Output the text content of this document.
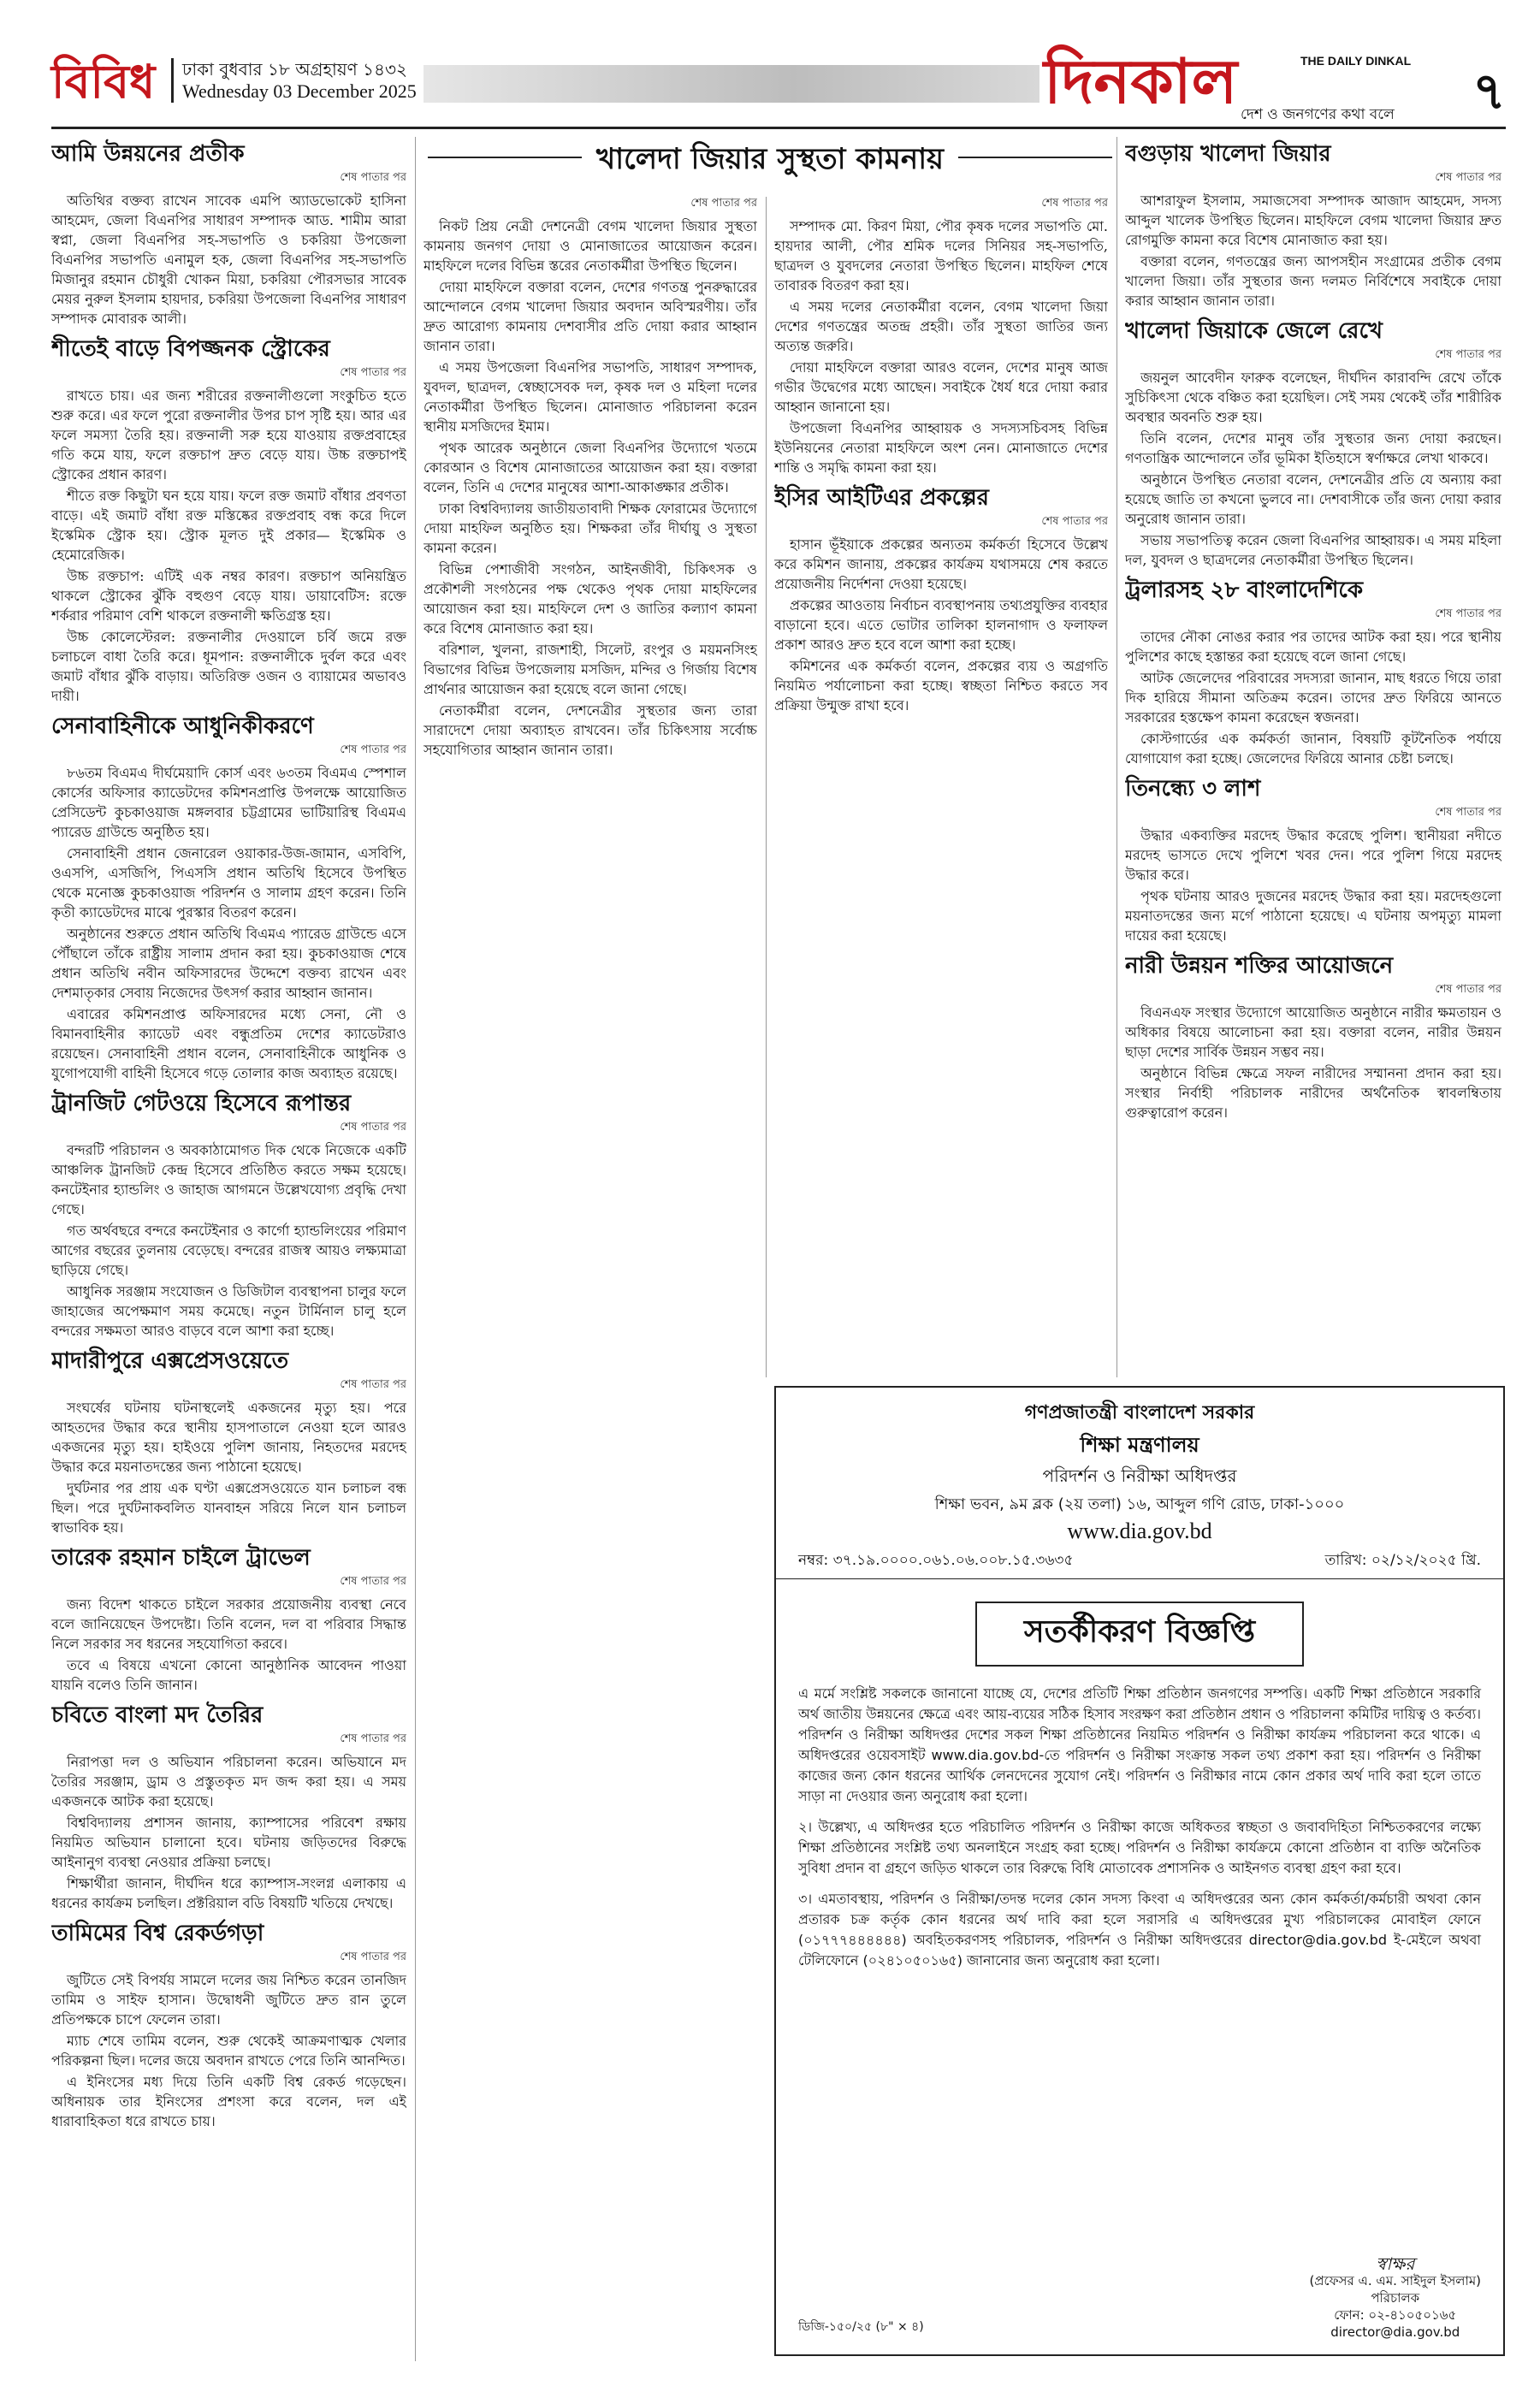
বিবিধ ঢাকা বুধবার ১৮ অগ্রহায়ণ ১৪৩২
Wednesday 03 December 2025	দিনকাল	THE DAILY DINKAL
দেশ ও জনগণের কথা বলে ৭
খালেদা জিয়ার সুস্থতা কামনায়
আমি উন্নয়নের প্রতীক
শেষ পাতার পর

অতিথির বক্তব্য রাখেন সাবেক এমপি অ্যাডভোকেট হাসিনা আহমেদ, জেলা বিএনপির সাধারণ সম্পাদক আড. শামীম আরা স্বপ্না, জেলা বিএনপির সহ-সভাপতি ও চকরিয়া উপজেলা বিএনপির সভাপতি এনামুল হক, জেলা বিএনপির সহ-সভাপতি মিজানুর রহমান চৌধুরী খোকন মিয়া, চকরিয়া পৌরসভার সাবেক মেয়র নুরুল ইসলাম হায়দার, চকরিয়া উপজেলা বিএনপির সাধারণ সম্পাদক মোবারক আলী।

শীতেই বাড়ে বিপজ্জনক স্ট্রোকের
শেষ পাতার পর

রাখতে চায়। এর জন্য শরীরের রক্তনালীগুলো সংকুচিত হতে শুরু করে। এর ফলে পুরো রক্তনালীর উপর চাপ সৃষ্টি হয়। আর এর ফলে সমস্যা তৈরি হয়। রক্তনালী সরু হয়ে যাওয়ায় রক্তপ্রবাহের গতি কমে যায়, ফলে রক্তচাপ দ্রুত বেড়ে যায়। উচ্চ রক্তচাপই স্ট্রোকের প্রধান কারণ।

শীতে রক্ত কিছুটা ঘন হয়ে যায়। ফলে রক্ত জমাট বাঁধার প্রবণতা বাড়ে। এই জমাট বাঁধা রক্ত মস্তিষ্কের রক্তপ্রবাহ বন্ধ করে দিলে ইস্কেমিক স্ট্রোক হয়। স্ট্রোক মূলত দুই প্রকার— ইস্কেমিক ও হেমোরেজিক।

উচ্চ রক্তচাপ: এটিই এক নম্বর কারণ। রক্তচাপ অনিয়ন্ত্রিত থাকলে স্ট্রোকের ঝুঁকি বহুগুণ বেড়ে যায়। ডায়াবেটিস: রক্তে শর্করার পরিমাণ বেশি থাকলে রক্তনালী ক্ষতিগ্রস্ত হয়।

উচ্চ কোলেস্টেরল: রক্তনালীর দেওয়ালে চর্বি জমে রক্ত চলাচলে বাধা তৈরি করে। ধূমপান: রক্তনালীকে দুর্বল করে এবং জমাট বাঁধার ঝুঁকি বাড়ায়। অতিরিক্ত ওজন ও ব্যায়ামের অভাবও দায়ী।

সেনাবাহিনীকে আধুনিকীকরণে
শেষ পাতার পর

৮৬তম বিএমএ দীর্ঘমেয়াদি কোর্স এবং ৬৩তম বিএমএ স্পেশাল কোর্সের অফিসার ক্যাডেটদের কমিশনপ্রাপ্তি উপলক্ষে আয়োজিত প্রেসিডেন্ট কুচকাওয়াজ মঙ্গলবার চট্টগ্রামের ভাটিয়ারিস্থ বিএমএ প্যারেড গ্রাউন্ডে অনুষ্ঠিত হয়।

সেনাবাহিনী প্রধান জেনারেল ওয়াকার-উজ-জামান, এসবিপি, ওএসপি, এসজিপি, পিএসসি প্রধান অতিথি হিসেবে উপস্থিত থেকে মনোজ্ঞ কুচকাওয়াজ পরিদর্শন ও সালাম গ্রহণ করেন। তিনি কৃতী ক্যাডেটদের মাঝে পুরস্কার বিতরণ করেন।

অনুষ্ঠানের শুরুতে প্রধান অতিথি বিএমএ প্যারেড গ্রাউন্ডে এসে পৌঁছালে তাঁকে রাষ্ট্রীয় সালাম প্রদান করা হয়। কুচকাওয়াজ শেষে প্রধান অতিথি নবীন অফিসারদের উদ্দেশে বক্তব্য রাখেন এবং দেশমাতৃকার সেবায় নিজেদের উৎসর্গ করার আহ্বান জানান।

এবারের কমিশনপ্রাপ্ত অফিসারদের মধ্যে সেনা, নৌ ও বিমানবাহিনীর ক্যাডেট এবং বন্ধুপ্রতিম দেশের ক্যাডেটরাও রয়েছেন। সেনাবাহিনী প্রধান বলেন, সেনাবাহিনীকে আধুনিক ও যুগোপযোগী বাহিনী হিসেবে গড়ে তোলার কাজ অব্যাহত রয়েছে।

ট্রানজিট গেটওয়ে হিসেবে রূপান্তর
শেষ পাতার পর

বন্দরটি পরিচালন ও অবকাঠামোগত দিক থেকে নিজেকে একটি আঞ্চলিক ট্রানজিট কেন্দ্র হিসেবে প্রতিষ্ঠিত করতে সক্ষম হয়েছে। কনটেইনার হ্যান্ডলিং ও জাহাজ আগমনে উল্লেখযোগ্য প্রবৃদ্ধি দেখা গেছে।

গত অর্থবছরে বন্দরে কনটেইনার ও কার্গো হ্যান্ডলিংয়ের পরিমাণ আগের বছরের তুলনায় বেড়েছে। বন্দরের রাজস্ব আয়ও লক্ষ্যমাত্রা ছাড়িয়ে গেছে।

আধুনিক সরঞ্জাম সংযোজন ও ডিজিটাল ব্যবস্থাপনা চালুর ফলে জাহাজের অপেক্ষমাণ সময় কমেছে। নতুন টার্মিনাল চালু হলে বন্দরের সক্ষমতা আরও বাড়বে বলে আশা করা হচ্ছে।

মাদারীপুরে এক্সপ্রেসওয়েতে
শেষ পাতার পর

সংঘর্ষের ঘটনায় ঘটনাস্থলেই একজনের মৃত্যু হয়। পরে আহতদের উদ্ধার করে স্থানীয় হাসপাতালে নেওয়া হলে আরও একজনের মৃত্যু হয়। হাইওয়ে পুলিশ জানায়, নিহতদের মরদেহ উদ্ধার করে ময়নাতদন্তের জন্য পাঠানো হয়েছে।

দুর্ঘটনার পর প্রায় এক ঘণ্টা এক্সপ্রেসওয়েতে যান চলাচল বন্ধ ছিল। পরে দুর্ঘটনাকবলিত যানবাহন সরিয়ে নিলে যান চলাচল স্বাভাবিক হয়।

তারেক রহমান চাইলে ট্রাভেল
শেষ পাতার পর

জন্য বিদেশ থাকতে চাইলে সরকার প্রয়োজনীয় ব্যবস্থা নেবে বলে জানিয়েছেন উপদেষ্টা। তিনি বলেন, দল বা পরিবার সিদ্ধান্ত নিলে সরকার সব ধরনের সহযোগিতা করবে।

তবে এ বিষয়ে এখনো কোনো আনুষ্ঠানিক আবেদন পাওয়া যায়নি বলেও তিনি জানান।

চবিতে বাংলা মদ তৈরির
শেষ পাতার পর

নিরাপত্তা দল ও অভিযান পরিচালনা করেন। অভিযানে মদ তৈরির সরঞ্জাম, ড্রাম ও প্রস্তুতকৃত মদ জব্দ করা হয়। এ সময় একজনকে আটক করা হয়েছে।

বিশ্ববিদ্যালয় প্রশাসন জানায়, ক্যাম্পাসের পরিবেশ রক্ষায় নিয়মিত অভিযান চালানো হবে। ঘটনায় জড়িতদের বিরুদ্ধে আইনানুগ ব্যবস্থা নেওয়ার প্রক্রিয়া চলছে।

শিক্ষার্থীরা জানান, দীর্ঘদিন ধরে ক্যাম্পাস-সংলগ্ন এলাকায় এ ধরনের কার্যক্রম চলছিল। প্রক্টরিয়াল বডি বিষয়টি খতিয়ে দেখছে।

তামিমের বিশ্ব রেকর্ডগড়া
শেষ পাতার পর

জুটিতে সেই বিপর্যয় সামলে দলের জয় নিশ্চিত করেন তানজিদ তামিম ও সাইফ হাসান। উদ্বোধনী জুটিতে দ্রুত রান তুলে প্রতিপক্ষকে চাপে ফেলেন তারা।

ম্যাচ শেষে তামিম বলেন, শুরু থেকেই আক্রমণাত্মক খেলার পরিকল্পনা ছিল। দলের জয়ে অবদান রাখতে পেরে তিনি আনন্দিত।

এ ইনিংসের মধ্য দিয়ে তিনি একটি বিশ্ব রেকর্ড গড়েছেন। অধিনায়ক তার ইনিংসের প্রশংসা করে বলেন, দল এই ধারাবাহিকতা ধরে রাখতে চায়।

শেষ পাতার পর

নিকট প্রিয় নেত্রী দেশনেত্রী বেগম খালেদা জিয়ার সুস্থতা কামনায় জনগণ দোয়া ও মোনাজাতের আয়োজন করেন। মাহফিলে দলের বিভিন্ন স্তরের নেতাকর্মীরা উপস্থিত ছিলেন।

দোয়া মাহফিলে বক্তারা বলেন, দেশের গণতন্ত্র পুনরুদ্ধারের আন্দোলনে বেগম খালেদা জিয়ার অবদান অবিস্মরণীয়। তাঁর দ্রুত আরোগ্য কামনায় দেশবাসীর প্রতি দোয়া করার আহ্বান জানান তারা।

এ সময় উপজেলা বিএনপির সভাপতি, সাধারণ সম্পাদক, যুবদল, ছাত্রদল, স্বেচ্ছাসেবক দল, কৃষক দল ও মহিলা দলের নেতাকর্মীরা উপস্থিত ছিলেন। মোনাজাত পরিচালনা করেন স্থানীয় মসজিদের ইমাম।

পৃথক আরেক অনুষ্ঠানে জেলা বিএনপির উদ্যোগে খতমে কোরআন ও বিশেষ মোনাজাতের আয়োজন করা হয়। বক্তারা বলেন, তিনি এ দেশের মানুষের আশা-আকাঙ্ক্ষার প্রতীক।

ঢাকা বিশ্ববিদ্যালয় জাতীয়তাবাদী শিক্ষক ফোরামের উদ্যোগে দোয়া মাহফিল অনুষ্ঠিত হয়। শিক্ষকরা তাঁর দীর্ঘায়ু ও সুস্থতা কামনা করেন।

বিভিন্ন পেশাজীবী সংগঠন, আইনজীবী, চিকিৎসক ও প্রকৌশলী সংগঠনের পক্ষ থেকেও পৃথক দোয়া মাহফিলের আয়োজন করা হয়। মাহফিলে দেশ ও জাতির কল্যাণ কামনা করে বিশেষ মোনাজাত করা হয়।

বরিশাল, খুলনা, রাজশাহী, সিলেট, রংপুর ও ময়মনসিংহ বিভাগের বিভিন্ন উপজেলায় মসজিদ, মন্দির ও গির্জায় বিশেষ প্রার্থনার আয়োজন করা হয়েছে বলে জানা গেছে।

নেতাকর্মীরা বলেন, দেশনেত্রীর সুস্থতার জন্য তারা সারাদেশে দোয়া অব্যাহত রাখবেন। তাঁর চিকিৎসায় সর্বোচ্চ সহযোগিতার আহ্বান জানান তারা।

শেষ পাতার পর

সম্পাদক মো. কিরণ মিয়া, পৌর কৃষক দলের সভাপতি মো. হায়দার আলী, পৌর শ্রমিক দলের সিনিয়র সহ-সভাপতি, ছাত্রদল ও যুবদলের নেতারা উপস্থিত ছিলেন। মাহফিল শেষে তাবারক বিতরণ করা হয়।

এ সময় দলের নেতাকর্মীরা বলেন, বেগম খালেদা জিয়া দেশের গণতন্ত্রের অতন্দ্র প্রহরী। তাঁর সুস্থতা জাতির জন্য অত্যন্ত জরুরি।

দোয়া মাহফিলে বক্তারা আরও বলেন, দেশের মানুষ আজ গভীর উদ্বেগের মধ্যে আছেন। সবাইকে ধৈর্য ধরে দোয়া করার আহ্বান জানানো হয়।

উপজেলা বিএনপির আহ্বায়ক ও সদস্যসচিবসহ বিভিন্ন ইউনিয়নের নেতারা মাহফিলে অংশ নেন। মোনাজাতে দেশের শান্তি ও সমৃদ্ধি কামনা করা হয়।

ইসির আইটিএর প্রকল্পের
শেষ পাতার পর

হাসান ভূঁইয়াকে প্রকল্পের অন্যতম কর্মকর্তা হিসেবে উল্লেখ করে কমিশন জানায়, প্রকল্পের কার্যক্রম যথাসময়ে শেষ করতে প্রয়োজনীয় নির্দেশনা দেওয়া হয়েছে।

প্রকল্পের আওতায় নির্বাচন ব্যবস্থাপনায় তথ্যপ্রযুক্তির ব্যবহার বাড়ানো হবে। এতে ভোটার তালিকা হালনাগাদ ও ফলাফল প্রকাশ আরও দ্রুত হবে বলে আশা করা হচ্ছে।

কমিশনের এক কর্মকর্তা বলেন, প্রকল্পের ব্যয় ও অগ্রগতি নিয়মিত পর্যালোচনা করা হচ্ছে। স্বচ্ছতা নিশ্চিত করতে সব প্রক্রিয়া উন্মুক্ত রাখা হবে।

বগুড়ায় খালেদা জিয়ার
শেষ পাতার পর

আশরাফুল ইসলাম, সমাজসেবা সম্পাদক আজাদ আহমেদ, সদস্য আব্দুল খালেক উপস্থিত ছিলেন। মাহফিলে বেগম খালেদা জিয়ার দ্রুত রোগমুক্তি কামনা করে বিশেষ মোনাজাত করা হয়।

বক্তারা বলেন, গণতন্ত্রের জন্য আপসহীন সংগ্রামের প্রতীক বেগম খালেদা জিয়া। তাঁর সুস্থতার জন্য দলমত নির্বিশেষে সবাইকে দোয়া করার আহ্বান জানান তারা।

খালেদা জিয়াকে জেলে রেখে
শেষ পাতার পর

জয়নুল আবেদীন ফারুক বলেছেন, দীর্ঘদিন কারাবন্দি রেখে তাঁকে সুচিকিৎসা থেকে বঞ্চিত করা হয়েছিল। সেই সময় থেকেই তাঁর শারীরিক অবস্থার অবনতি শুরু হয়।

তিনি বলেন, দেশের মানুষ তাঁর সুস্থতার জন্য দোয়া করছেন। গণতান্ত্রিক আন্দোলনে তাঁর ভূমিকা ইতিহাসে স্বর্ণাক্ষরে লেখা থাকবে।

অনুষ্ঠানে উপস্থিত নেতারা বলেন, দেশনেত্রীর প্রতি যে অন্যায় করা হয়েছে জাতি তা কখনো ভুলবে না। দেশবাসীকে তাঁর জন্য দোয়া করার অনুরোধ জানান তারা।

সভায় সভাপতিত্ব করেন জেলা বিএনপির আহ্বায়ক। এ সময় মহিলা দল, যুবদল ও ছাত্রদলের নেতাকর্মীরা উপস্থিত ছিলেন।

ট্রলারসহ ২৮ বাংলাদেশিকে
শেষ পাতার পর

তাদের নৌকা নোঙর করার পর তাদের আটক করা হয়। পরে স্থানীয় পুলিশের কাছে হস্তান্তর করা হয়েছে বলে জানা গেছে।

আটক জেলেদের পরিবারের সদস্যরা জানান, মাছ ধরতে গিয়ে তারা দিক হারিয়ে সীমানা অতিক্রম করেন। তাদের দ্রুত ফিরিয়ে আনতে সরকারের হস্তক্ষেপ কামনা করেছেন স্বজনরা।

কোস্টগার্ডের এক কর্মকর্তা জানান, বিষয়টি কূটনৈতিক পর্যায়ে যোগাযোগ করা হচ্ছে। জেলেদের ফিরিয়ে আনার চেষ্টা চলছে।

তিনন্ধ্যে ৩ লাশ
শেষ পাতার পর

উদ্ধার একব্যক্তির মরদেহ উদ্ধার করেছে পুলিশ। স্থানীয়রা নদীতে মরদেহ ভাসতে দেখে পুলিশে খবর দেন। পরে পুলিশ গিয়ে মরদেহ উদ্ধার করে।

পৃথক ঘটনায় আরও দুজনের মরদেহ উদ্ধার করা হয়। মরদেহগুলো ময়নাতদন্তের জন্য মর্গে পাঠানো হয়েছে। এ ঘটনায় অপমৃত্যু মামলা দায়ের করা হয়েছে।

নারী উন্নয়ন শক্তির আয়োজনে
শেষ পাতার পর

বিএনএফ সংস্থার উদ্যোগে আয়োজিত অনুষ্ঠানে নারীর ক্ষমতায়ন ও অধিকার বিষয়ে আলোচনা করা হয়। বক্তারা বলেন, নারীর উন্নয়ন ছাড়া দেশের সার্বিক উন্নয়ন সম্ভব নয়।

অনুষ্ঠানে বিভিন্ন ক্ষেত্রে সফল নারীদের সম্মাননা প্রদান করা হয়। সংস্থার নির্বাহী পরিচালক নারীদের অর্থনৈতিক স্বাবলম্বিতায় গুরুত্বারোপ করেন।

গণপ্রজাতন্ত্রী বাংলাদেশ সরকার
শিক্ষা মন্ত্রণালয়
পরিদর্শন ও নিরীক্ষা অধিদপ্তর
শিক্ষা ভবন, ৯ম ব্লক (২য় তলা) ১৬, আব্দুল গণি রোড, ঢাকা-১০০০
www.dia.gov.bd
নম্বর: ৩৭.১৯.০০০০.০৬১.০৬.০০৮.১৫.৩৬৩৫	তারিখ: ০২/১২/২০২৫ খ্রি.
সতর্কীকরণ বিজ্ঞপ্তি

এ মর্মে সংশ্লিষ্ট সকলকে জানানো যাচ্ছে যে, দেশের প্রতিটি শিক্ষা প্রতিষ্ঠান জনগণের সম্পত্তি। একটি শিক্ষা প্রতিষ্ঠানে সরকারি অর্থ জাতীয় উন্নয়নের ক্ষেত্রে এবং আয়-ব্যয়ের সঠিক হিসাব সংরক্ষণ করা প্রতিষ্ঠান প্রধান ও পরিচালনা কমিটির দায়িত্ব ও কর্তব্য। পরিদর্শন ও নিরীক্ষা অধিদপ্তর দেশের সকল শিক্ষা প্রতিষ্ঠানের নিয়মিত পরিদর্শন ও নিরীক্ষা কার্যক্রম পরিচালনা করে থাকে। এ অধিদপ্তরের ওয়েবসাইট www.dia.gov.bd-তে পরিদর্শন ও নিরীক্ষা সংক্রান্ত সকল তথ্য প্রকাশ করা হয়। পরিদর্শন ও নিরীক্ষা কাজের জন্য কোন ধরনের আর্থিক লেনদেনের সুযোগ নেই। পরিদর্শন ও নিরীক্ষার নামে কোন প্রকার অর্থ দাবি করা হলে তাতে সাড়া না দেওয়ার জন্য অনুরোধ করা হলো।

২। উল্লেখ্য, এ অধিদপ্তর হতে পরিচালিত পরিদর্শন ও নিরীক্ষা কাজে অধিকতর স্বচ্ছতা ও জবাবদিহিতা নিশ্চিতকরণের লক্ষ্যে শিক্ষা প্রতিষ্ঠানের সংশ্লিষ্ট তথ্য অনলাইনে সংগ্রহ করা হচ্ছে। পরিদর্শন ও নিরীক্ষা কার্যক্রমে কোনো প্রতিষ্ঠান বা ব্যক্তি অনৈতিক সুবিধা প্রদান বা গ্রহণে জড়িত থাকলে তার বিরুদ্ধে বিধি মোতাবেক প্রশাসনিক ও আইনগত ব্যবস্থা গ্রহণ করা হবে।

৩। এমতাবস্থায়, পরিদর্শন ও নিরীক্ষা/তদন্ত দলের কোন সদস্য কিংবা এ অধিদপ্তরের অন্য কোন কর্মকর্তা/কর্মচারী অথবা কোন প্রতারক চক্র কর্তৃক কোন ধরনের অর্থ দাবি করা হলে সরাসরি এ অধিদপ্তরের মুখ্য পরিচালকের মোবাইল ফোনে (০১৭৭৭৪৪৪৪৪৪) অবহিতকরণসহ পরিচালক, পরিদর্শন ও নিরীক্ষা অধিদপ্তরের director@dia.gov.bd ই-মেইলে অথবা টেলিফোনে (০২৪১০৫০১৬৫) জানানোর জন্য অনুরোধ করা হলো।

ডিজি-১৫০/২৫ (৮" × ৪)
স্বাক্ষর
(প্রফেসর এ. এম. সাইদুল ইসলাম)
পরিচালক
ফোন: ০২-৪১০৫০১৬৫
director@dia.gov.bd
